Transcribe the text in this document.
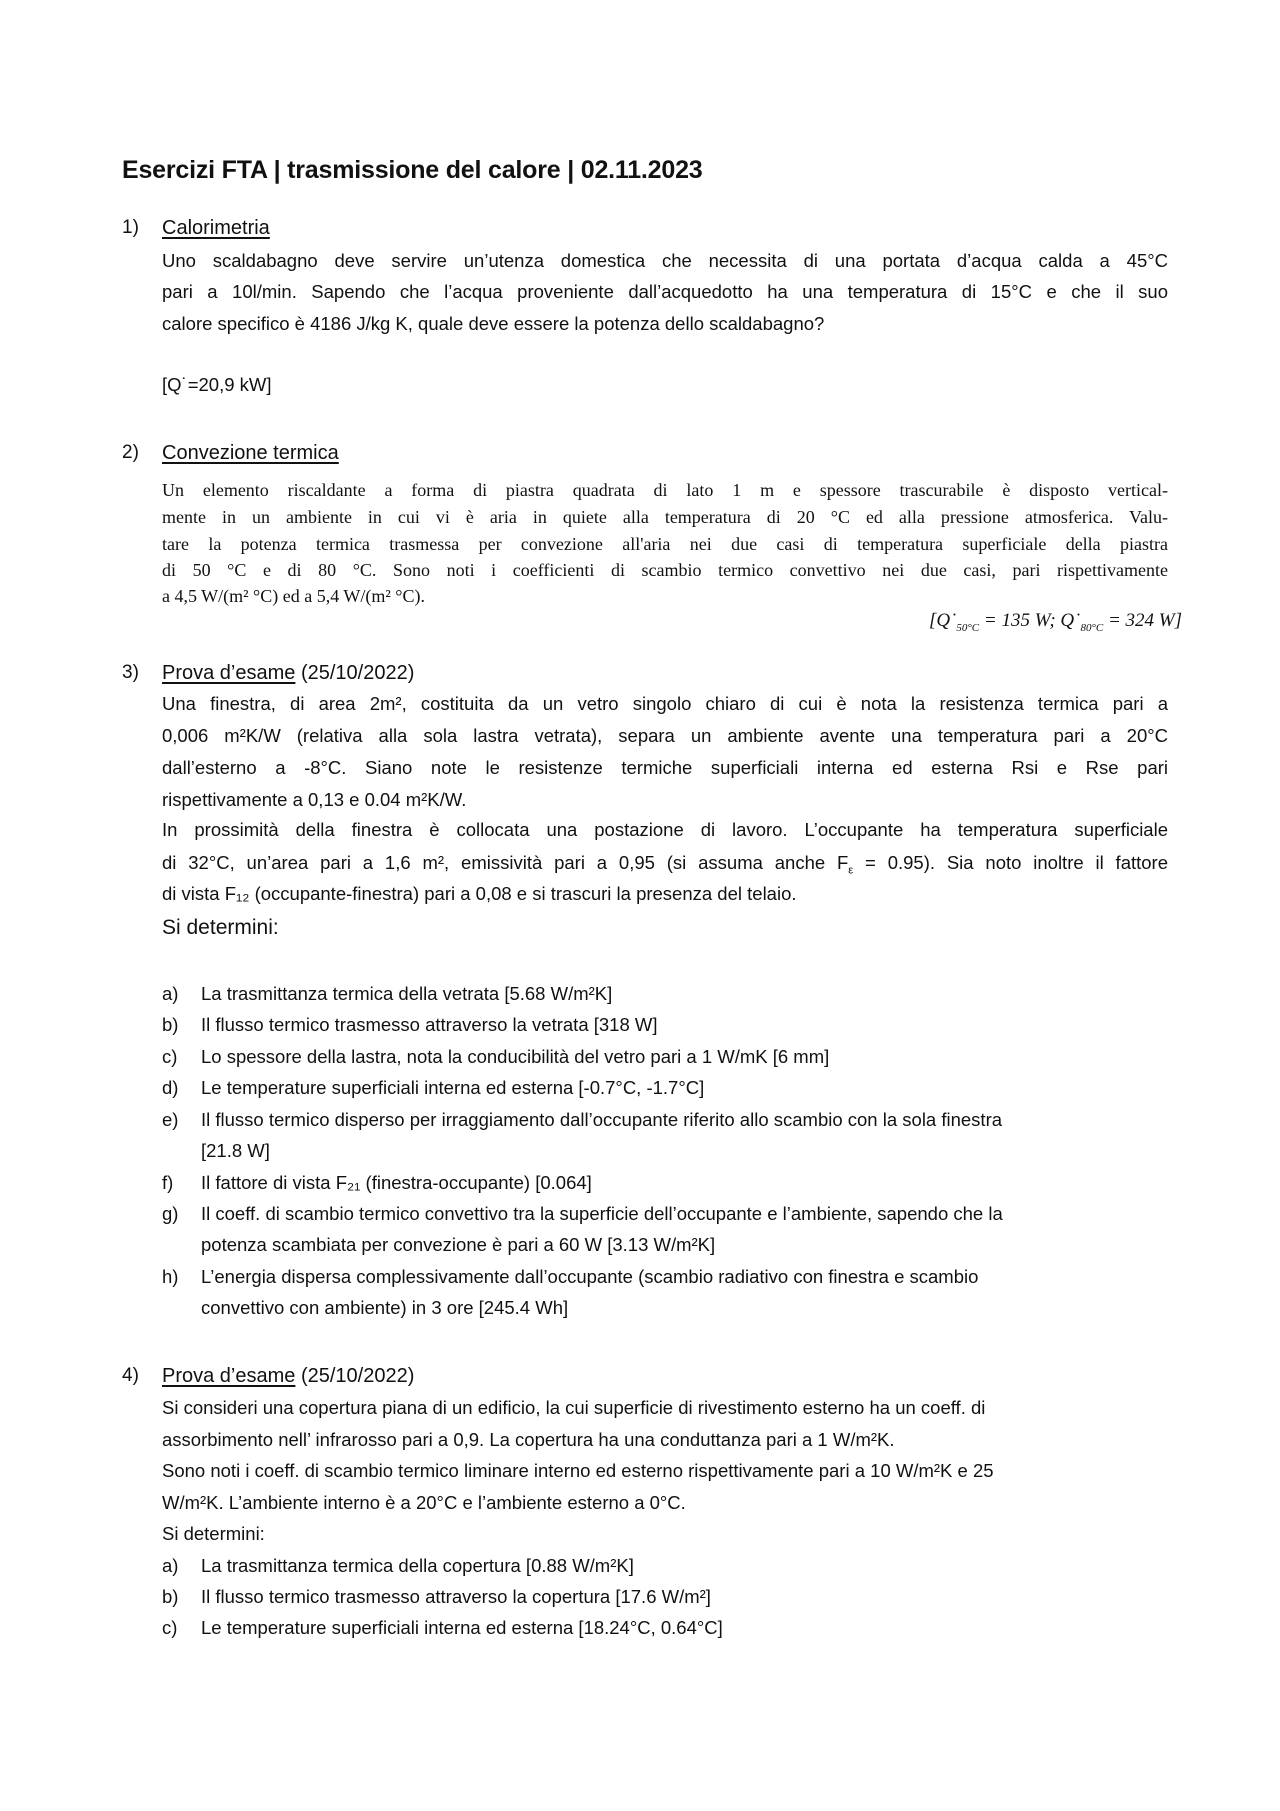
Esercizi FTA | trasmissione del calore | 02.11.2023
1) Calorimetria
Uno scaldabagno deve servire un’utenza domestica che necessita di una portata d’acqua calda a 45°C
pari a 10l/min. Sapendo che l’acqua proveniente dall’acquedotto ha una temperatura di 15°C e che il suo
calore specifico è 4186 J/kg K, quale deve essere la potenza dello scaldabagno?
[Q˙=20,9 kW]
2) Convezione termica
Un elemento riscaldante a forma di piastra quadrata di lato 1 m e spessore trascurabile è disposto vertical-
mente in un ambiente in cui vi è aria in quiete alla temperatura di 20 °C ed alla pressione atmosferica. Valu-
tare la potenza termica trasmessa per convezione all'aria nei due casi di temperatura superficiale della piastra
di 50 °C e di 80 °C. Sono noti i coefficienti di scambio termico convettivo nei due casi, pari rispettivamente
a 4,5 W/(m² °C) ed a 5,4 W/(m² °C).
[$Q˙_{50^\circ C} = 135$ W; $Q˙_{80^\circ C} = 324$ W]
3) Prova d’esame (25/10/2022)
Una finestra, di area 2m², costituita da un vetro singolo chiaro di cui è nota la resistenza termica pari a
0,006 m²K/W (relativa alla sola lastra vetrata), separa un ambiente avente una temperatura pari a 20°C
dall’esterno a -8°C. Siano note le resistenze termiche superficiali interna ed esterna Rsi e Rse pari
rispettivamente a 0,13 e 0.04 m²K/W.
In prossimità della finestra è collocata una postazione di lavoro. L’occupante ha temperatura superficiale
di 32°C, un’area pari a 1,6 m², emissività pari a 0,95 (si assuma anche $F_\varepsilon = 0.95$). Sia noto inoltre il fattore
di vista F₁₂ (occupante-finestra) pari a 0,08 e si trascuri la presenza del telaio.
Si determini:
a) La trasmittanza termica della vetrata [5.68 W/m²K]
b) Il flusso termico trasmesso attraverso la vetrata [318 W]
c) Lo spessore della lastra, nota la conducibilità del vetro pari a 1 W/mK [6 mm]
d) Le temperature superficiali interna ed esterna [-0.7°C, -1.7°C]
e) Il flusso termico disperso per irraggiamento dall’occupante riferito allo scambio con la sola finestra
[21.8 W]
f) Il fattore di vista F₂₁ (finestra-occupante) [0.064]
g) Il coeff. di scambio termico convettivo tra la superficie dell’occupante e l’ambiente, sapendo che la
potenza scambiata per convezione è pari a 60 W [3.13 W/m²K]
h) L’energia dispersa complessivamente dall’occupante (scambio radiativo con finestra e scambio
convettivo con ambiente) in 3 ore [245.4 Wh]
4) Prova d’esame (25/10/2022)
Si consideri una copertura piana di un edificio, la cui superficie di rivestimento esterno ha un coeff. di
assorbimento nell’ infrarosso pari a 0,9. La copertura ha una conduttanza pari a 1 W/m²K.
Sono noti i coeff. di scambio termico liminare interno ed esterno rispettivamente pari a 10 W/m²K e 25
W/m²K. L’ambiente interno è a 20°C e l’ambiente esterno a 0°C.
Si determini:
a) La trasmittanza termica della copertura [0.88 W/m²K]
b) Il flusso termico trasmesso attraverso la copertura [17.6 W/m²]
c) Le temperature superficiali interna ed esterna [18.24°C, 0.64°C]
